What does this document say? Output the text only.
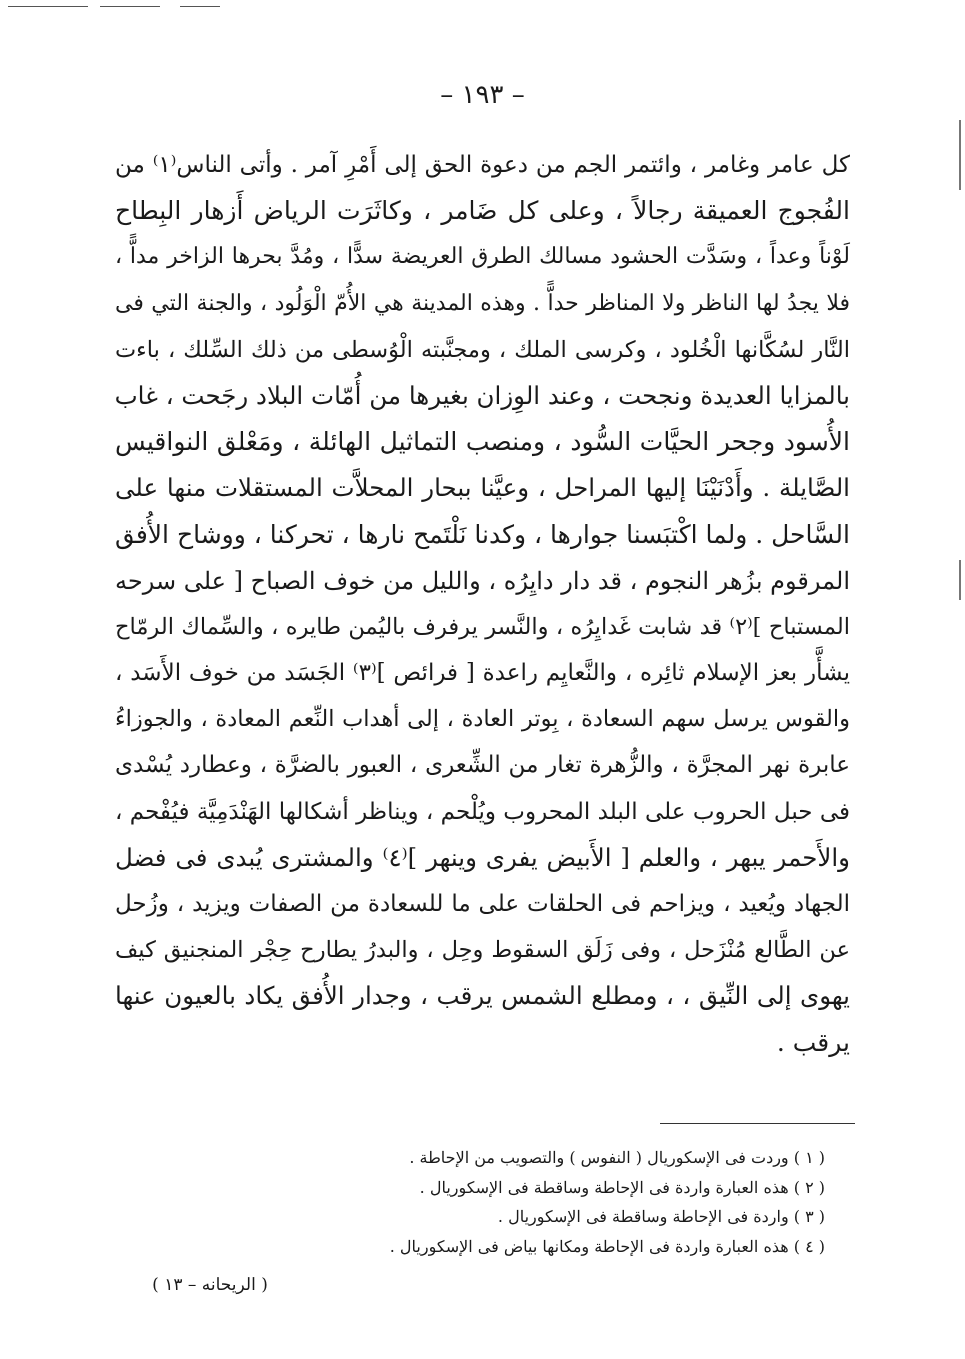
– ١٩٣ –
كل عامر وغامر ، وائتمر الجم من دعوة الحق إلى أَمْرِ آمر . وأتى الناس⁽١⁾ من
الفُجوج العميقة رجالاً ، وعلى كل ضَامر ، وكاثَرَت الرياض أَزهار البِطاح
لَوْناً وعداً ، وسَدَّت الحشود مسالك الطرق العريضة سدًّا ، ومُدَّ بحرها الزاخر مداًّ ،
فلا يجدُ لها الناظر ولا المناظر حداًّ . وهذه المدينة هي الأُمّ الْوَلُود ، والجنة التي فى
النَّار لسُكَّانها الْخُلود ، وكرسى الملك ، ومجنَّبته الْوُسطى من ذلك السِّلك ، باءت
بالمزايا العديدة ونجحت ، وعند الوِزان بغيرها من أُمّات البلاد رجَحت ، غاب
الأُسود وجحر الحيَّات السُّود ، ومنصب التماثيل الهائلة ، ومَعْلق النواقيس
الصَّايلة . وأَدْنَيْنَا إليها المراحل ، وعيَّنا ببحار المحلاَّت المستقلات منها على
السَّاحل . ولما اكْتبَسنا جوارها ، وكدنا نَلْتَمح نارها ، تحركنا ، ووشاح الأُفق
المرقوم بزُهر النجوم ، قد دار دايِرُه ، والليل من خوف الصباح [ على سرحه
المستباح ]⁽٢⁾ قد شابت غَدايِرُه ، والنَّسر يرفرف باليُمن طايره ، والسِّماك الرمّاح
يشأَّر بعز الإسلام ثائِره ، والنَّعايِم راعدة [ فرائص ]⁽٣⁾ الجَسَد من خوف الأَسَد ،
والقوس يرسل سهم السعادة ، بِوتر العادة ، إلى أهداب النِّعم المعادة ، والجوزاءُ
عابرة نهر المجرَّة ، والزُّهرة تغار من الشِّعرى ، العبور بالضرَّة ، وعطارد يُسْدى
فى حبل الحروب على البلد المحروب ويُلْحم ، ويناظر أشكالها الهَنْدَمِيَّة فيُفْحم ،
والأَحمر يبهر ، والعلم [ الأَبيض يفرى وينهر ]⁽٤⁾ والمشترى يُبدى فى فضل
الجهاد ويُعيد ، ويزاحم فى الحلقات على ما للسعادة من الصفات ويزيد ، وزُحل
عن الطَّالع مُنْزَحل ، وفى زَلَق السقوط وحِل ، والبدرُ يطارح حِجْر المنجنيق كيف
يهوى إلى النِّيق ، ، ومطلع الشمس يرقب ، وجدار الأُفق يكاد بالعيون عنها
يرقب .
( ١ ) وردت فى الإسكوريال ( النفوس ) والتصويب من الإحاطة .
( ٢ ) هذه العبارة واردة فى الإحاطة وساقطة فى الإسكوريال .
( ٣ ) واردة فى الإحاطة وساقطة فى الإسكوريال .
( ٤ ) هذه العبارة واردة فى الإحاطة ومكانها بياض فى الإسكوريال .
( الريحانه – ١٣ )
